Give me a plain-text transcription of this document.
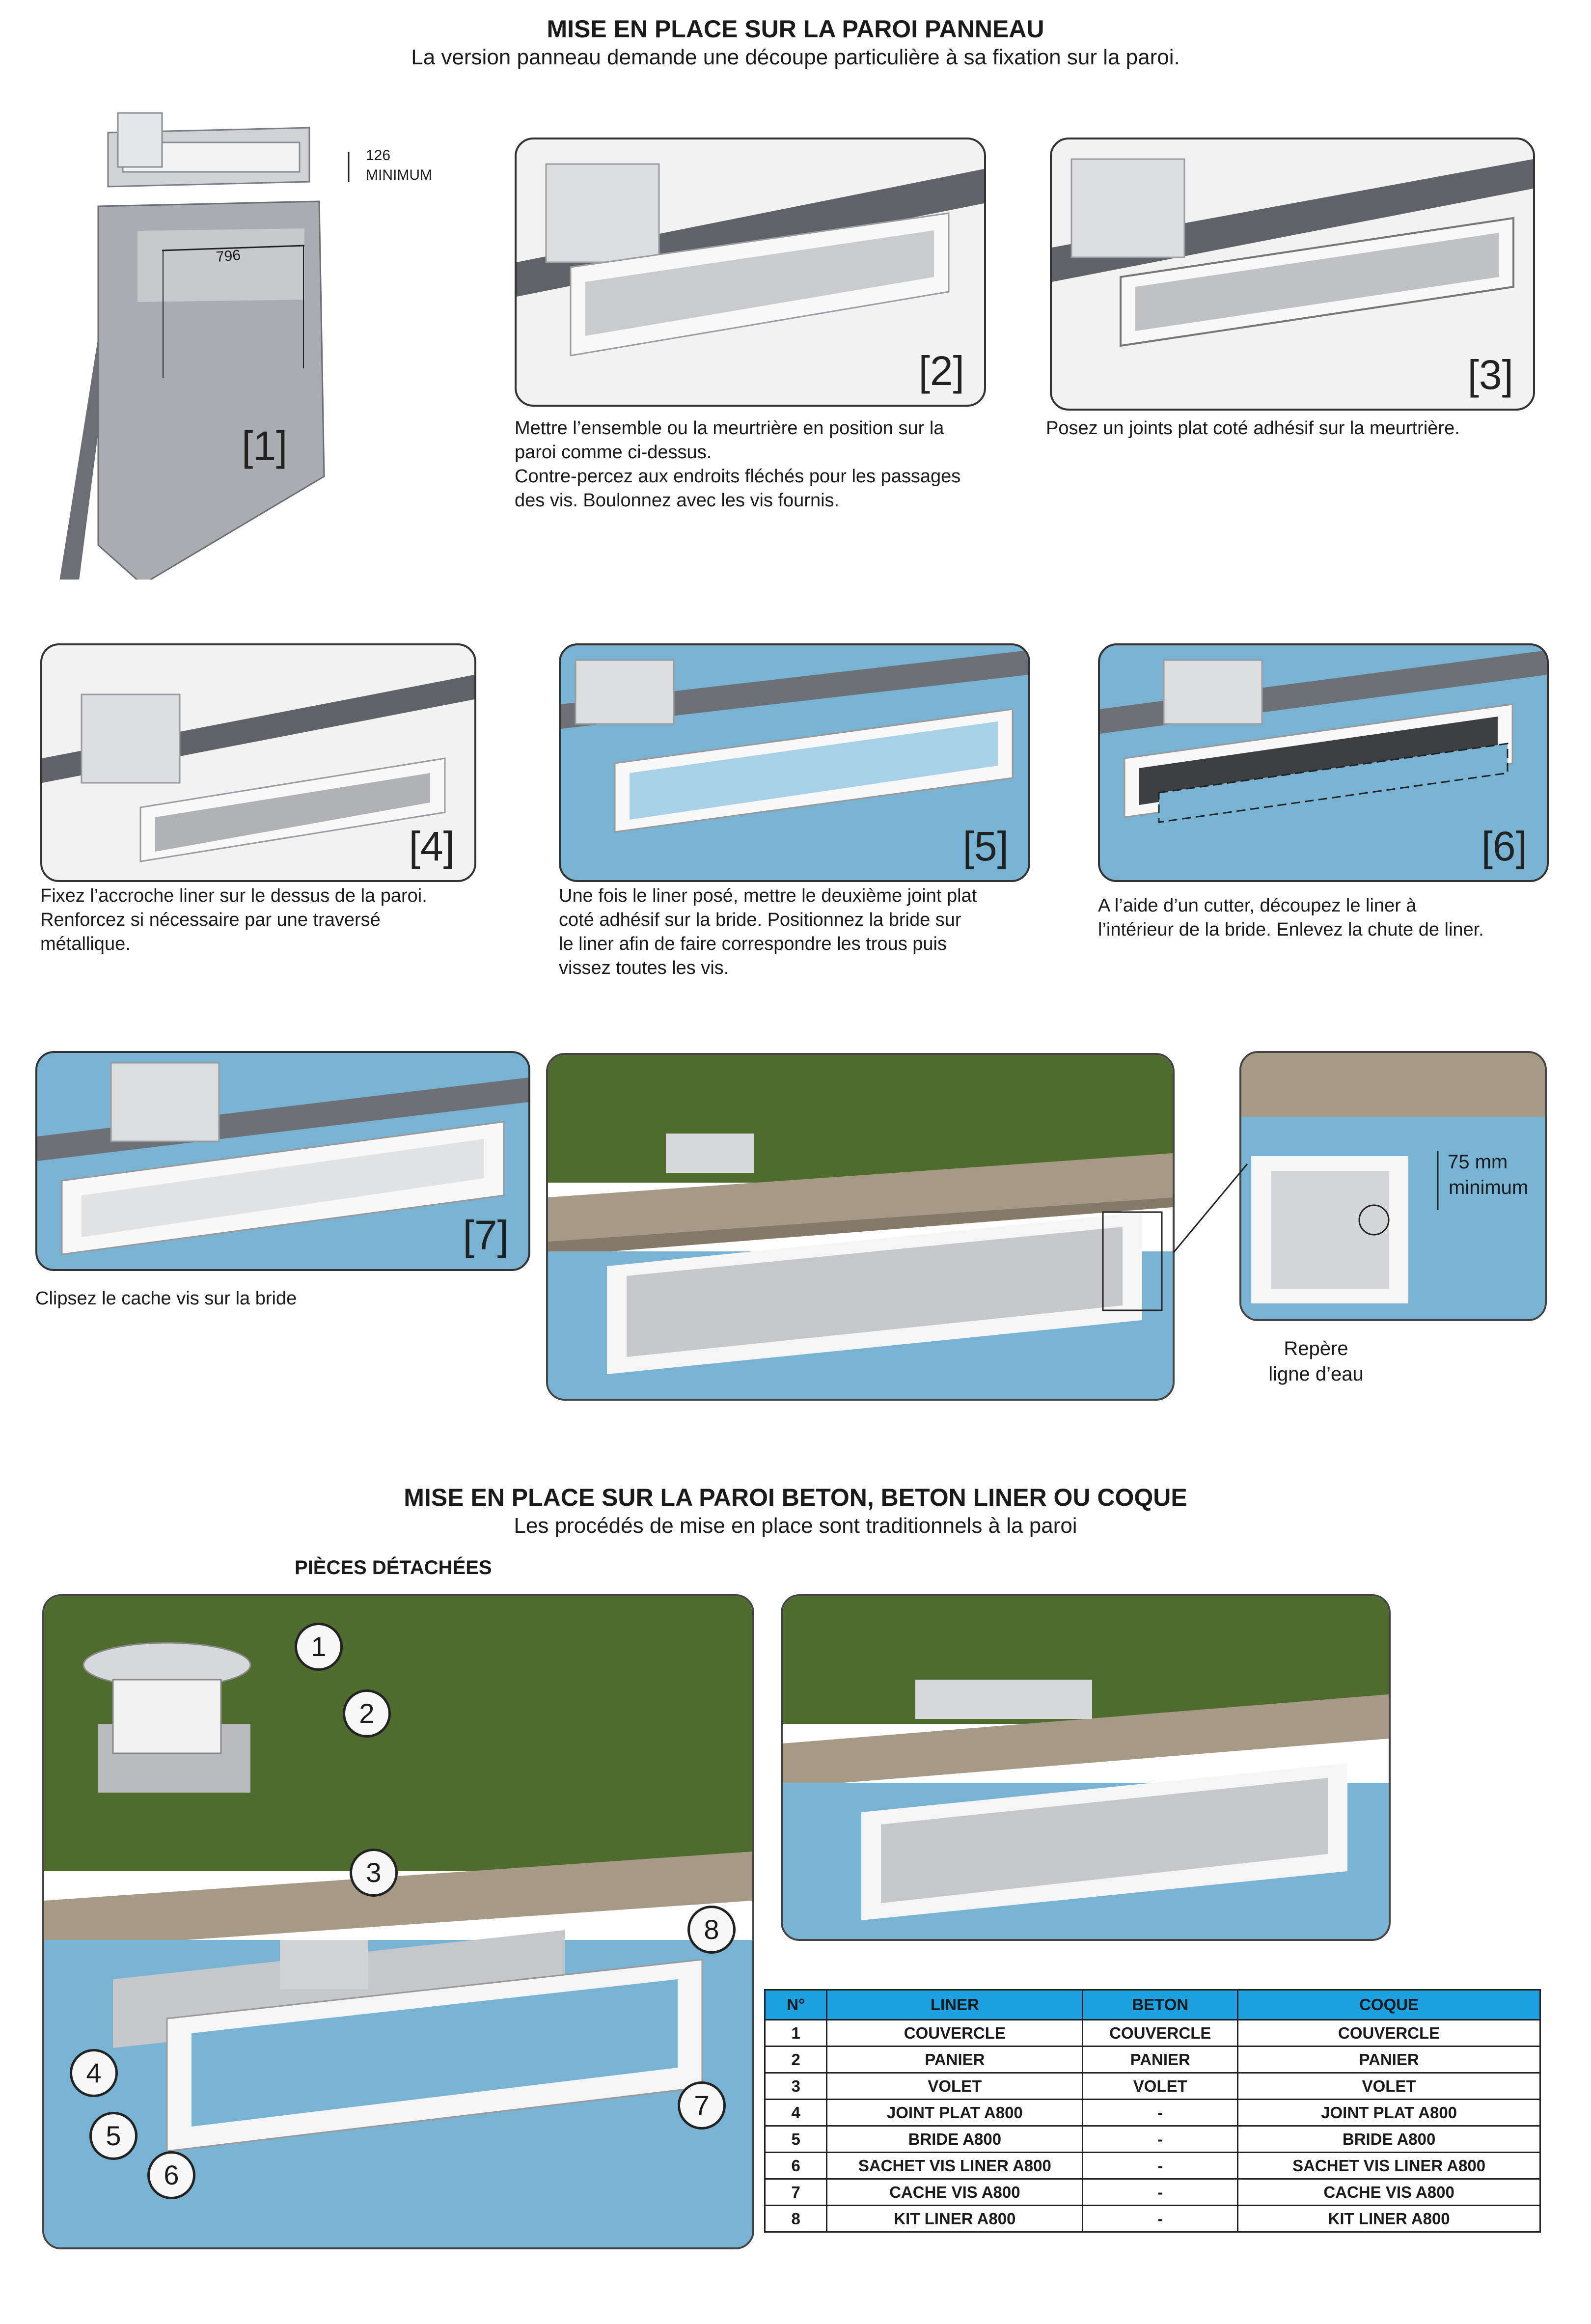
MISE EN PLACE SUR LA PAROI PANNEAU
La version panneau demande une découpe particulière à sa fixation sur la paroi.
796
126
MINIMUM
[1]
[2]
Mettre l’ensemble ou la meurtrière en position sur la
paroi comme ci-dessus.
Contre-percez aux endroits fléchés pour les passages
des vis. Boulonnez avec les vis fournis.
[3]
Posez un joints plat coté adhésif sur la meurtrière.
[4]
Fixez l’accroche liner sur le dessus de la paroi.
Renforcez si nécessaire par une traversé
métallique.
[5]
Une fois le liner posé, mettre le deuxième joint plat
coté adhésif sur la bride. Positionnez la bride sur
le liner afin de faire correspondre les trous puis
vissez toutes les vis.
[6]
A l’aide d’un cutter, découpez le liner à
l’intérieur de la bride. Enlevez la chute de liner.
[7]
Clipsez le cache vis sur la bride
75 mm
minimum
Repère
ligne d’eau
MISE EN PLACE SUR LA PAROI BETON, BETON LINER OU COQUE
Les procédés de mise en place sont traditionnels à la paroi
PIÈCES DÉTACHÉES
1
2
3
4
5
6
7
8
N°	LINER	BETON	COQUE
1	COUVERCLE	COUVERCLE	COUVERCLE
2	PANIER	PANIER	PANIER
3	VOLET	VOLET	VOLET
4	JOINT PLAT A800	-	JOINT PLAT A800
5	BRIDE A800	-	BRIDE A800
6	SACHET VIS LINER A800	-	SACHET VIS LINER A800
7	CACHE VIS A800	-	CACHE VIS A800
8	KIT LINER A800	-	KIT LINER A800
